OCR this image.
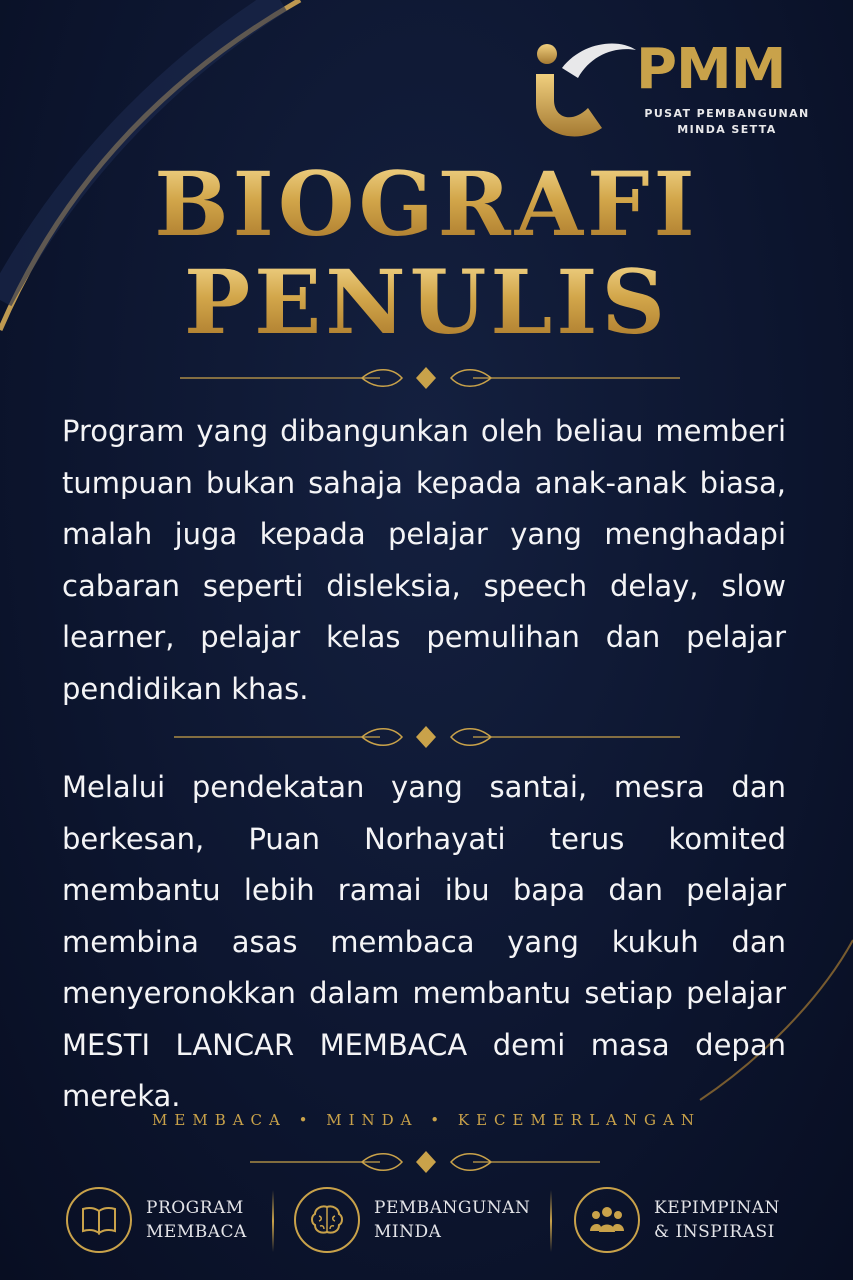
PMM
PUSAT PEMBANGUNAN MINDA SETTA
BIOGRAFI
PENULIS

Program yang dibangunkan oleh beliau memberi tumpuan bukan sahaja kepada anak-anak biasa, malah juga kepada pelajar yang menghadapi cabaran seperti disleksia, speech delay, slow learner, pelajar kelas pemulihan dan pelajar pendidikan khas.

Melalui pendekatan yang santai, mesra dan berkesan, Puan Norhayati terus komited membantu lebih ramai ibu bapa dan pelajar membina asas membaca yang kukuh dan menyeronokkan dalam membantu setiap pelajar MESTI LANCAR MEMBACA demi masa depan mereka.

MEMBACA • MINDA • KECEMERLANGAN
PROGRAM
MEMBACA
PEMBANGUNAN
MINDA
KEPIMPINAN
& INSPIRASI
